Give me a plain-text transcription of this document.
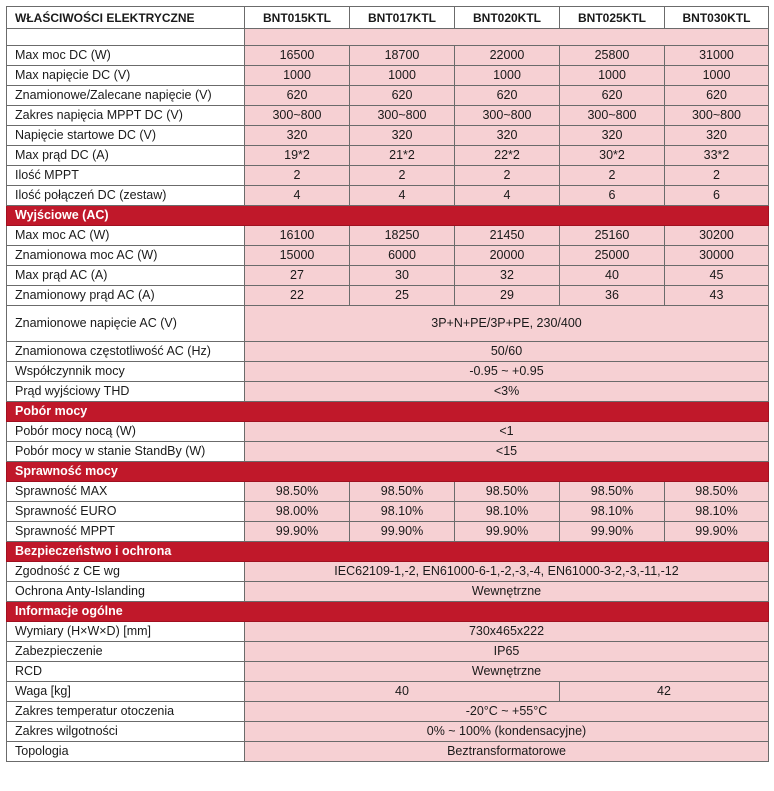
WŁAŚCIWOŚCI ELEKTRYCZNE	BNT015KTL	BNT017KTL	BNT020KTL	BNT025KTL	BNT030KTL

Max moc DC (W)	16500	18700	22000	25800	31000
Max napięcie DC (V)	1000	1000	1000	1000	1000
Znamionowe/Zalecane napięcie (V)	620	620	620	620	620
Zakres napięcia MPPT DC (V)	300~800	300~800	300~800	300~800	300~800
Napięcie startowe DC (V)	320	320	320	320	320
Max prąd DC (A)	19*2	21*2	22*2	30*2	33*2
Ilość MPPT	2	2	2	2	2
Ilość połączeń DC (zestaw)	4	4	4	6	6
Wyjściowe (AC)					
Max moc AC (W)	16100	18250	21450	25160	30200
Znamionowa moc AC (W)	15000	6000	20000	25000	30000
Max prąd AC (A)	27	30	32	40	45
Znamionowy prąd AC (A)	22	25	29	36	43
Znamionowe napięcie AC (V)	3P+N+PE/3P+PE, 230/400				
Znamionowa częstotliwość AC (Hz)	50/60				
Współczynnik mocy	-0.95 ~ +0.95				
Prąd wyjściowy THD	<3%				
Pobór mocy					
Pobór mocy nocą (W)	<1				
Pobór mocy w stanie StandBy (W)	<15				
Sprawność mocy					
Sprawność MAX	98.50%	98.50%	98.50%	98.50%	98.50%
Sprawność EURO	98.00%	98.10%	98.10%	98.10%	98.10%
Sprawność MPPT	99.90%	99.90%	99.90%	99.90%	99.90%
Bezpieczeństwo i ochrona					
Zgodność z CE wg	IEC62109-1,-2, EN61000-6-1,-2,-3,-4, EN61000-3-2,-3,-11,-12				
Ochrona Anty-Islanding	Wewnętrzne				
Informacje ogólne					
Wymiary (H×W×D) [mm]	730x465x222				
Zabezpieczenie	IP65				
RCD	Wewnętrzne				
Waga [kg]	40			42	
Zakres temperatur otoczenia	-20°C ~ +55°C				
Zakres wilgotności	0% ~ 100% (kondensacyjne)				
Topologia	Beztransformatorowe				
